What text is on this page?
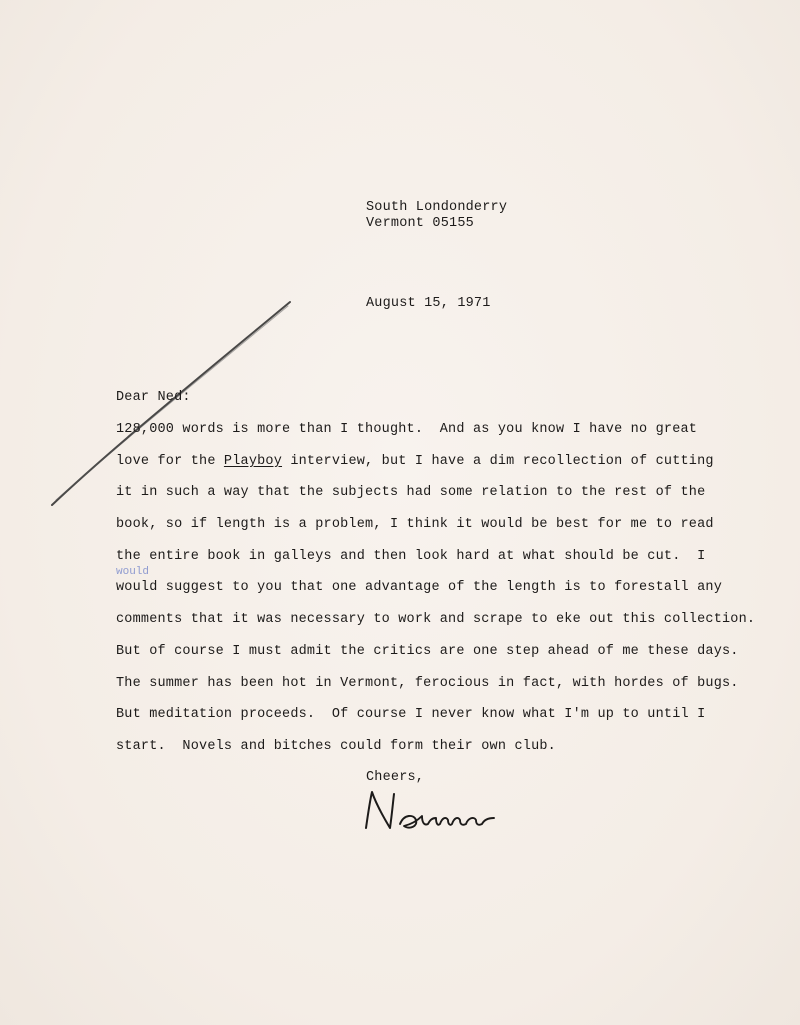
South Londonderry
Vermont 05155
August 15, 1971
Dear Ned:
would
128,000 words is more than I thought.  And as you know I have no great
love for the Playboy interview, but I have a dim recollection of cutting
it in such a way that the subjects had some relation to the rest of the
book, so if length is a problem, I think it would be best for me to read
the entire book in galleys and then look hard at what should be cut.  I
would suggest to you that one advantage of the length is to forestall any
comments that it was necessary to work and scrape to eke out this collection.
But of course I must admit the critics are one step ahead of me these days.
The summer has been hot in Vermont, ferocious in fact, with hordes of bugs.
But meditation proceeds.  Of course I never know what I'm up to until I
start.  Novels and bitches could form their own club.
Cheers,
